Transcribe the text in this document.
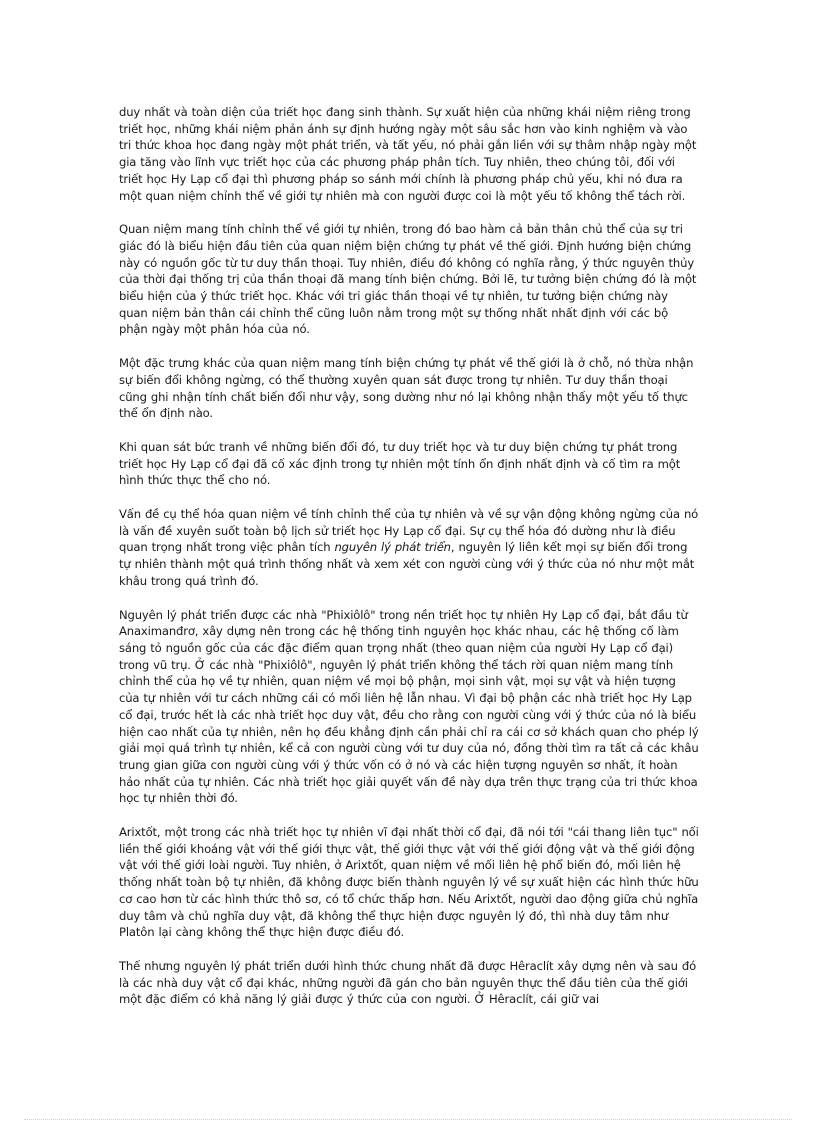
duy nhất và toàn diện của triết học đang sinh thành. Sự xuất hiện của những khái niệm riêng trong triết học, những khái niệm phản ánh sự định hướng ngày một sâu sắc hơn vào kinh nghiệm và vào tri thức khoa học đang ngày một phát triển, và tất yếu, nó phải gắn liền với sự thâm nhập ngày một gia tăng vào lĩnh vực triết học của các phương pháp phân tích. Tuy nhiên, theo chúng tôi, đối với triết học Hy Lạp cổ đại thì phương pháp so sánh mới chính là phương pháp chủ yếu, khi nó đưa ra một quan niệm chỉnh thể về giới tự nhiên mà con người được coi là một yếu tố không thể tách rời.

Quan niệm mang tính chỉnh thể về giới tự nhiên, trong đó bao hàm cả bản thân chủ thể của sự tri giác đó là biểu hiện đầu tiên của quan niệm biện chứng tự phát về thế giới. Định hướng biện chứng này có nguồn gốc từ tư duy thần thoại. Tuy nhiên, điều đó không có nghĩa rằng, ý thức nguyên thủy của thời đại thống trị của thần thoại đã mang tính biện chứng. Bởi lẽ, tư tưởng biện chứng đó là một biểu hiện của ý thức triết học. Khác với tri giác thần thoại về tự nhiên, tư tưởng biện chứng này quan niệm bản thân cái chỉnh thể cũng luôn nằm trong một sự thống nhất nhất định với các bộ phận ngày một phân hóa của nó.

Một đặc trưng khác của quan niệm mang tính biện chứng tự phát về thế giới là ở chỗ, nó thừa nhận sự biến đổi không ngừng, có thể thường xuyên quan sát được trong tự nhiên. Tư duy thần thoại cũng ghi nhận tính chất biến đổi như vậy, song dường như nó lại không nhận thấy một yếu tố thực thể ổn định nào.

Khi quan sát bức tranh về những biến đổi đó, tư duy triết học và tư duy biện chứng tự phát trong triết học Hy Lạp cổ đại đã cố xác định trong tự nhiên một tính ổn định nhất định và cố tìm ra một hình thức thực thể cho nó.

Vấn đề cụ thể hóa quan niệm về tính chỉnh thể của tự nhiên và về sự vận động không ngừng của nó là vấn đề xuyên suốt toàn bộ lịch sử triết học Hy Lạp cổ đại. Sự cụ thể hóa đó dường như là điều quan trọng nhất trong việc phân tích nguyên lý phát triển, nguyên lý liên kết mọi sự biến đổi trong tự nhiên thành một quá trình thống nhất và xem xét con người cùng với ý thức của nó như một mắt khâu trong quá trình đó.

Nguyên lý phát triển được các nhà "Phixiôlô" trong nền triết học tự nhiên Hy Lạp cổ đại, bắt đầu từ Anaximanđrơ, xây dựng nên trong các hệ thống tinh nguyên học khác nhau, các hệ thống cố làm sáng tỏ nguồn gốc của các đặc điểm quan trọng nhất (theo quan niệm của người Hy Lạp cổ đại) trong vũ trụ. Ở các nhà "Phixiôlô", nguyên lý phát triển không thể tách rời quan niệm mang tính chỉnh thể của họ về tự nhiên, quan niệm về mọi bộ phận, mọi sinh vật, mọi sự vật và hiện tượng của tự nhiên với tư cách những cái có mối liên hệ lẫn nhau. Vì đại bộ phận các nhà triết học Hy Lạp cổ đại, trước hết là các nhà triết học duy vật, đều cho rằng con người cùng với ý thức của nó là biểu hiện cao nhất của tự nhiên, nên họ đều khẳng định cần phải chỉ ra cái cơ sở khách quan cho phép lý giải mọi quá trình tự nhiên, kể cả con người cùng với tư duy của nó, đồng thời tìm ra tất cả các khâu trung gian giữa con người cùng với ý thức vốn có ở nó và các hiện tượng nguyên sơ nhất, ít hoàn hảo nhất của tự nhiên. Các nhà triết học giải quyết vấn đề này dựa trên thực trạng của tri thức khoa học tự nhiên thời đó.

Arixtốt, một trong các nhà triết học tự nhiên vĩ đại nhất thời cổ đại, đã nói tới "cái thang liên tục" nối liền thế giới khoáng vật với thế giới thực vật, thế giới thực vật với thế giới động vật và thế giới động vật với thế giới loài người. Tuy nhiên, ở Arixtốt, quan niệm về mối liên hệ phổ biến đó, mối liên hệ thống nhất toàn bộ tự nhiên, đã không được biến thành nguyên lý về sự xuất hiện các hình thức hữu cơ cao hơn từ các hình thức thô sơ, có tổ chức thấp hơn. Nếu Arixtốt, người dao động giữa chủ nghĩa duy tâm và chủ nghĩa duy vật, đã không thể thực hiện được nguyên lý đó, thì nhà duy tâm như Platôn lại càng không thể thực hiện được điều đó.

Thế nhưng nguyên lý phát triển dưới hình thức chung nhất đã được Hêraclít xây dựng nên và sau đó là các nhà duy vật cổ đại khác, những người đã gán cho bản nguyên thực thể đầu tiên của thế giới một đặc điểm có khả năng lý giải được ý thức của con người. Ở Hêraclít, cái giữ vai
